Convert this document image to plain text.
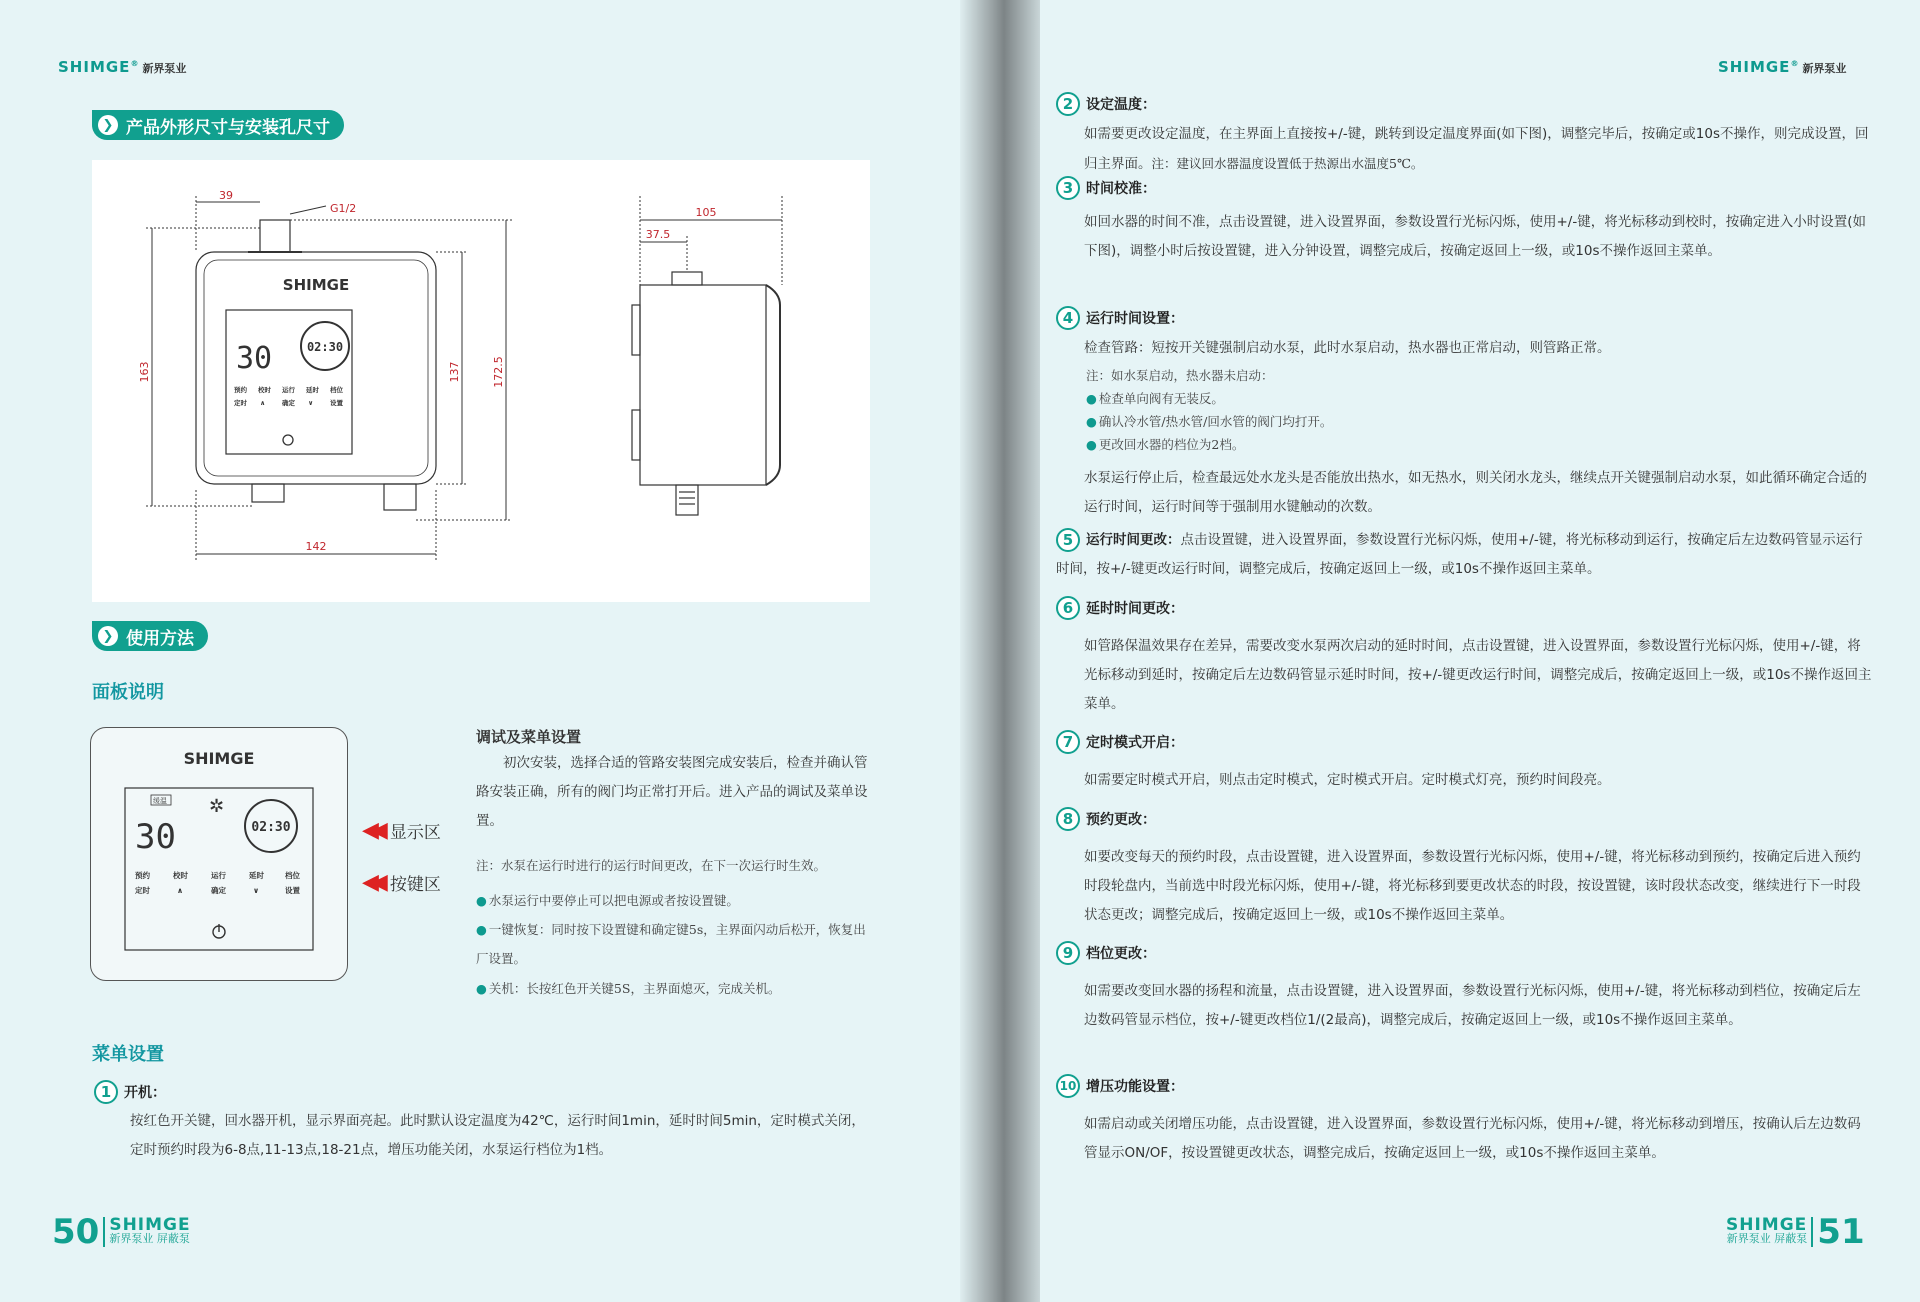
SHIMGE® 新界泵业
❯ 产品外形尺寸与安装孔尺寸
SHIMGE
30	02:30
预约 校时 运行 延时 档位
定时 ∧	确定 ∨	设置
39
G1/2
163	137	172.5
142
105
37.5
❯ 使用方法
面板说明
SHIMGE
缓温
30
✲
02:30
预约	校时	运行	延时	档位
定时	∧	确定	∨	设置
◀◀ 显示区
◀◀ 按键区
调试及菜单设置
初次安装，选择合适的管路安装图完成安装后，检查并确认管路安装正确，所有的阀门均正常打开后。进入产品的调试及菜单设置。
注：水泵在运行时进行的运行时间更改，在下一次运行时生效。
● 水泵运行中要停止可以把电源或者按设置键。
● 一键恢复：同时按下设置键和确定键5s，主界面闪动后松开，恢复出厂设置。
● 关机：长按红色开关键5S，主界面熄灭，完成关机。
菜单设置
1 开机：
按红色开关键，回水器开机，显示界面亮起。此时默认设定温度为42℃，运行时间1min，延时时间5min，定时模式关闭，定时预约时段为6-8点,11-13点,18-21点，增压功能关闭，水泵运行档位为1档。
50 SHIMGE
新界泵业 屏蔽泵
SHIMGE® 新界泵业
2 设定温度：
如需要更改设定温度，在主界面上直接按+/-键，跳转到设定温度界面(如下图)，调整完毕后，按确定或10s不操作，则完成设置，回归主界面。注：建议回水器温度设置低于热源出水温度5℃。
3 时间校准：
如回水器的时间不准，点击设置键，进入设置界面，参数设置行光标闪烁，使用+/-键，将光标移动到校时，按确定进入小时设置(如下图)，调整小时后按设置键，进入分钟设置，调整完成后，按确定返回上一级，或10s不操作返回主菜单。
4 运行时间设置：
检查管路：短按开关键强制启动水泵，此时水泵启动，热水器也正常启动，则管路正常。
注：如水泵启动，热水器未启动：
● 检查单向阀有无装反。
● 确认冷水管/热水管/回水管的阀门均打开。
● 更改回水器的档位为2档。
水泵运行停止后，检查最远处水龙头是否能放出热水，如无热水，则关闭水龙头，继续点开关键强制启动水泵，如此循环确定合适的运行时间，运行时间等于强制用水键触动的次数。
5 运行时间更改：点击设置键，进入设置界面，参数设置行光标闪烁，使用+/-键，将光标移动到运行，按确定后左边数码管显示运行时间，按+/-键更改运行时间，调整完成后，按确定返回上一级，或10s不操作返回主菜单。
6 延时时间更改：
如管路保温效果存在差异，需要改变水泵两次启动的延时时间，点击设置键，进入设置界面，参数设置行光标闪烁，使用+/-键，将光标移动到延时，按确定后左边数码管显示延时时间，按+/-键更改运行时间，调整完成后，按确定返回上一级，或10s不操作返回主菜单。
7 定时模式开启：
如需要定时模式开启，则点击定时模式，定时模式开启。定时模式灯亮，预约时间段亮。
8 预约更改：
如要改变每天的预约时段，点击设置键，进入设置界面，参数设置行光标闪烁，使用+/-键，将光标移动到预约，按确定后进入预约时段轮盘内，当前选中时段光标闪烁，使用+/-键，将光标移到要更改状态的时段，按设置键，该时段状态改变，继续进行下一时段状态更改；调整完成后，按确定返回上一级，或10s不操作返回主菜单。
9 档位更改：
如需要改变回水器的扬程和流量，点击设置键，进入设置界面，参数设置行光标闪烁，使用+/-键，将光标移动到档位，按确定后左边数码管显示档位，按+/-键更改档位1/(2最高)，调整完成后，按确定返回上一级，或10s不操作返回主菜单。
10 增压功能设置：
如需启动或关闭增压功能，点击设置键，进入设置界面，参数设置行光标闪烁，使用+/-键，将光标移动到增压，按确认后左边数码管显示ON/OF，按设置键更改状态，调整完成后，按确定返回上一级，或10s不操作返回主菜单。
SHIMGE
新界泵业 屏蔽泵 51
